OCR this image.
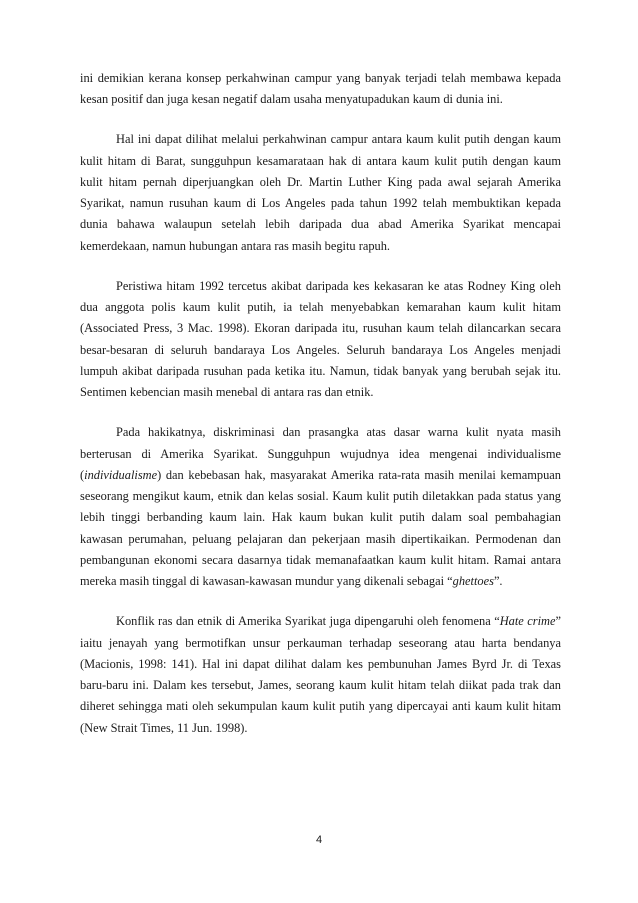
ini demikian kerana konsep perkahwinan campur yang banyak terjadi telah membawa kepada kesan positif dan juga kesan negatif dalam usaha menyatupadukan kaum di dunia ini.

Hal ini dapat dilihat melalui perkahwinan campur antara kaum kulit putih dengan kaum kulit hitam di Barat, sungguhpun kesamarataan hak di antara kaum kulit putih dengan kaum kulit hitam pernah diperjuangkan oleh Dr. Martin Luther King pada awal sejarah Amerika Syarikat, namun rusuhan kaum di Los Angeles pada tahun 1992 telah membuktikan kepada dunia bahawa walaupun setelah lebih daripada dua abad Amerika Syarikat mencapai kemerdekaan, namun hubungan antara ras masih begitu rapuh.

Peristiwa hitam 1992 tercetus akibat daripada kes kekasaran ke atas Rodney King oleh dua anggota polis kaum kulit putih, ia telah menyebabkan kemarahan kaum kulit hitam (Associated Press, 3 Mac. 1998). Ekoran daripada itu, rusuhan kaum telah dilancarkan secara besar-besaran di seluruh bandaraya Los Angeles. Seluruh bandaraya Los Angeles menjadi lumpuh akibat daripada rusuhan pada ketika itu. Namun, tidak banyak yang berubah sejak itu. Sentimen kebencian masih menebal di antara ras dan etnik.

Pada hakikatnya, diskriminasi dan prasangka atas dasar warna kulit nyata masih berterusan di Amerika Syarikat. Sungguhpun wujudnya idea mengenai individualisme (individualisme) dan kebebasan hak, masyarakat Amerika rata-rata masih menilai kemampuan seseorang mengikut kaum, etnik dan kelas sosial. Kaum kulit putih diletakkan pada status yang lebih tinggi berbanding kaum lain. Hak kaum bukan kulit putih dalam soal pembahagian kawasan perumahan, peluang pelajaran dan pekerjaan masih dipertikaikan. Permodenan dan pembangunan ekonomi secara dasarnya tidak memanafaatkan kaum kulit hitam. Ramai antara mereka masih tinggal di kawasan-kawasan mundur yang dikenali sebagai “ghettoes”.

Konflik ras dan etnik di Amerika Syarikat juga dipengaruhi oleh fenomena “Hate crime” iaitu jenayah yang bermotifkan unsur perkauman terhadap seseorang atau harta bendanya (Macionis, 1998: 141). Hal ini dapat dilihat dalam kes pembunuhan James Byrd Jr. di Texas baru-baru ini. Dalam kes tersebut, James, seorang kaum kulit hitam telah diikat pada trak dan diheret sehingga mati oleh sekumpulan kaum kulit putih yang dipercayai anti kaum kulit hitam (New Strait Times, 11 Jun. 1998).

4
